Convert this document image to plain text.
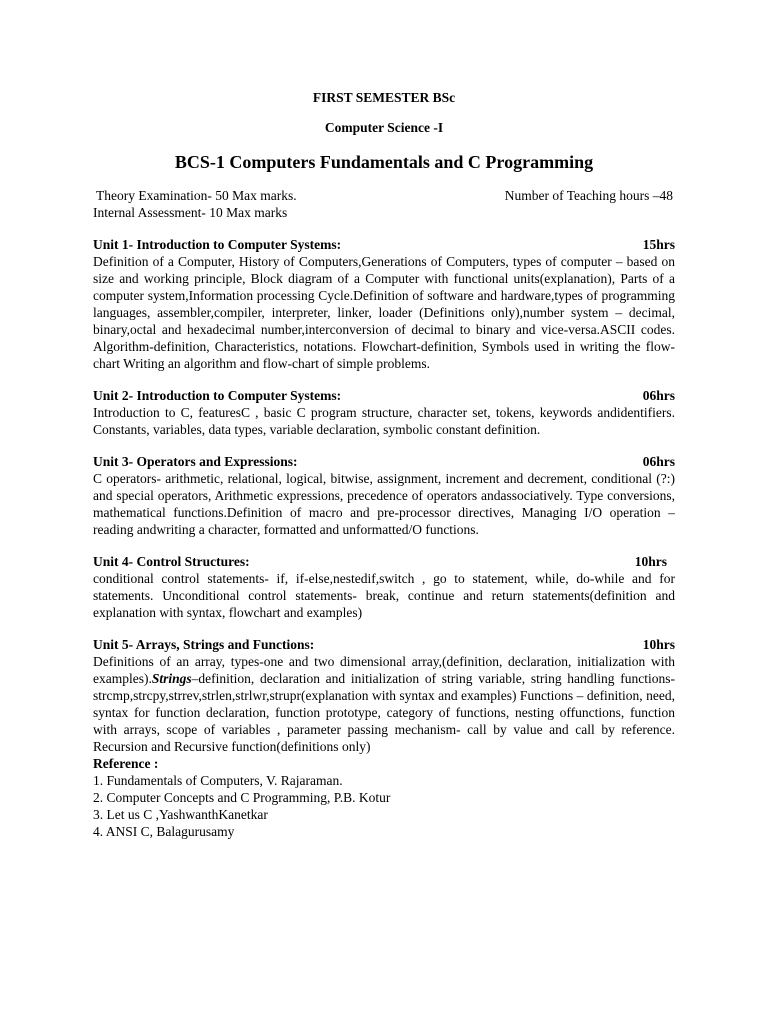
FIRST SEMESTER BSc
Computer Science -I
BCS-1 Computers Fundamentals and C Programming
Theory Examination- 50 Max marks.	Number of Teaching hours –48
Internal Assessment- 10 Max marks
Unit 1- Introduction to Computer Systems:	15hrs
Definition of a Computer, History of Computers,Generations of Computers, types of computer – based on size and working principle, Block diagram of a Computer with functional units(explanation), Parts of a computer system,Information processing Cycle.Definition of software and hardware,types of programming languages, assembler,compiler, interpreter, linker, loader (Definitions only),number system – decimal, binary,octal and hexadecimal number,interconversion of decimal to binary and vice-versa.ASCII codes. Algorithm-definition, Characteristics, notations. Flowchart-definition, Symbols used in writing the flow-chart Writing an algorithm and flow-chart of simple problems.
Unit 2- Introduction to Computer Systems:	06hrs
Introduction to C, featuresC , basic C program structure, character set, tokens, keywords andidentifiers. Constants, variables, data types, variable declaration, symbolic constant definition.
Unit 3- Operators and Expressions:	06hrs
C operators- arithmetic, relational, logical, bitwise, assignment, increment and decrement, conditional (?:) and special operators, Arithmetic expressions, precedence of operators andassociatively. Type conversions, mathematical functions.Definition of macro and pre-processor directives, Managing I/O operation – reading andwriting a character, formatted and unformatted/O functions.
Unit 4- Control Structures:	10hrs
conditional control statements- if, if-else,nestedif,switch , go to statement, while, do-while and for statements. Unconditional control statements- break, continue and return statements(definition and explanation with syntax, flowchart and examples)
Unit 5- Arrays, Strings and Functions:	10hrs
Definitions of an array, types-one and two dimensional array,(definition, declaration, initialization with examples).Strings–definition, declaration and initialization of string variable, string handling functions- strcmp,strcpy,strrev,strlen,strlwr,strupr(explanation with syntax and examples) Functions – definition, need, syntax for function declaration, function prototype, category of functions, nesting offunctions, function with arrays, scope of variables , parameter passing mechanism- call by value and call by reference. Recursion and Recursive function(definitions only)
Reference :
1. Fundamentals of Computers, V. Rajaraman.
2. Computer Concepts and C Programming, P.B. Kotur
3. Let us C ,YashwanthKanetkar
4. ANSI C, Balagurusamy
